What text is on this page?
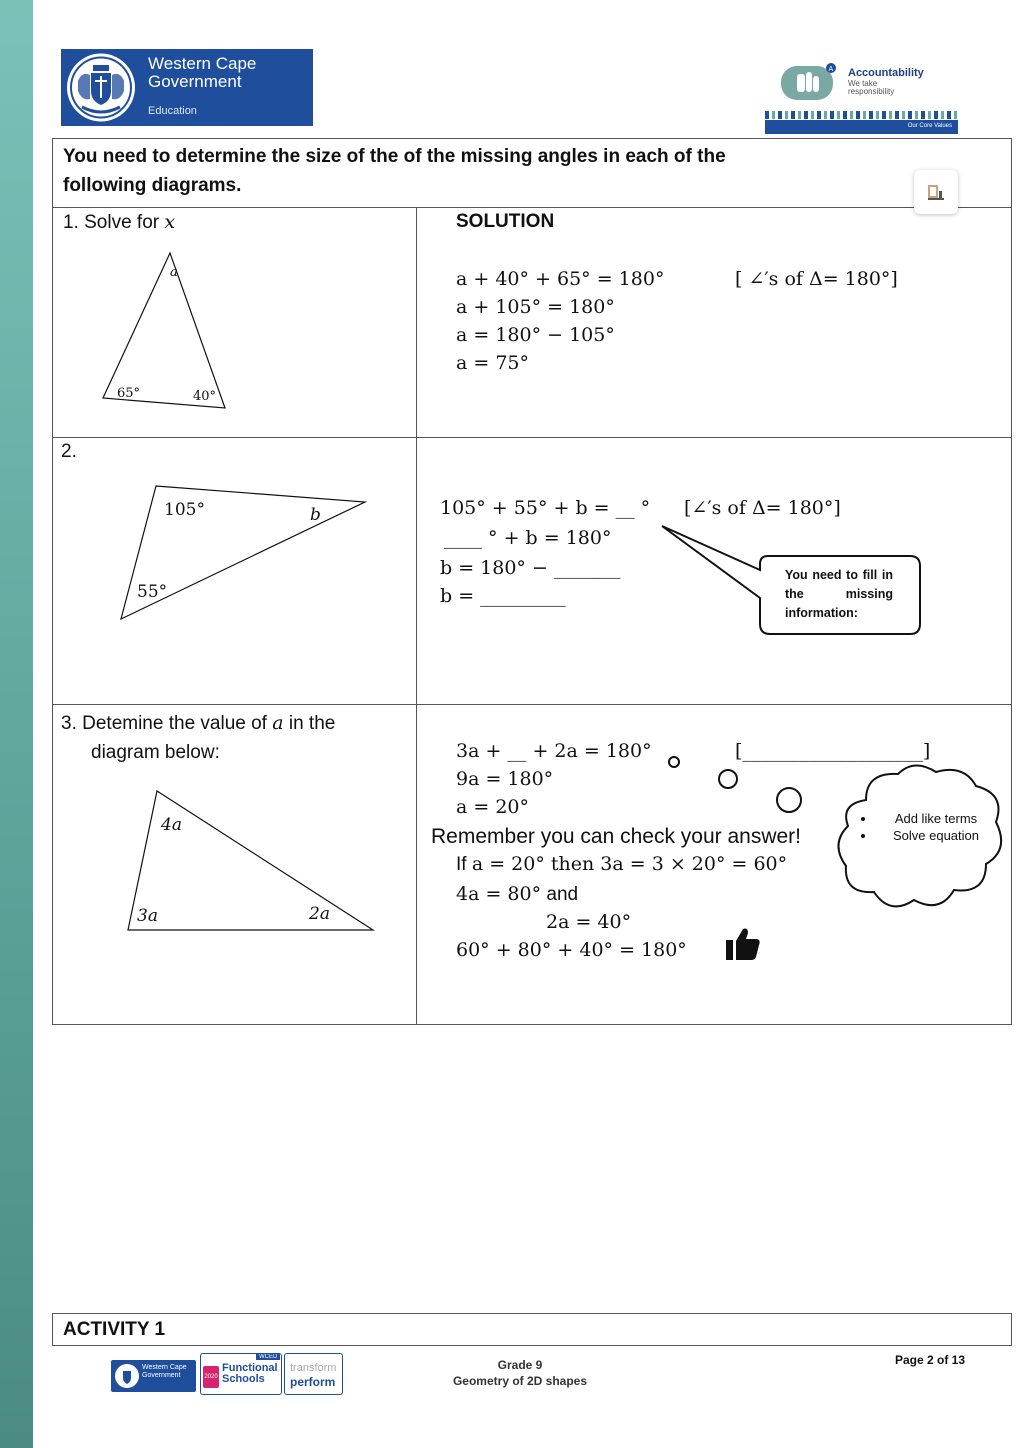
Western Cape
Government
Education
A Accountability
We take
responsibility
Our Core Values
You need to determine the size of the of the missing angles in each of the
following diagrams.
1. Solve for x
a
65°	40°
SOLUTION
a + 40° + 65° = 180°
a + 105° = 180°
a = 180° − 105°
a = 75°
[ ∠′s of Δ= 180°]
2.
105°	b
55°
105° + 55° + b = __ °
____ ° + b = 180°
b = 180° − _______
b = _________
[∠′s of Δ= 180°]
You need to fill in the missing information:
3. Detemine the value of a in the
diagram below:
4a
3a	2a
3a + __ + 2a = 180°
9a = 180°
a = 20°
[___________________]
Remember you can check your answer!
If a = 20° then 3a = 3 × 20° = 60°
4a = 80° and
2a = 40°
60° + 80° + 40° = 180°
• Add like terms
• Solve equation
ACTIVITY 1
Western Cape Government
WCED
2020
Functional Schools
transform
perform
Grade 9
Geometry of 2D shapes
Page 2 of 13
